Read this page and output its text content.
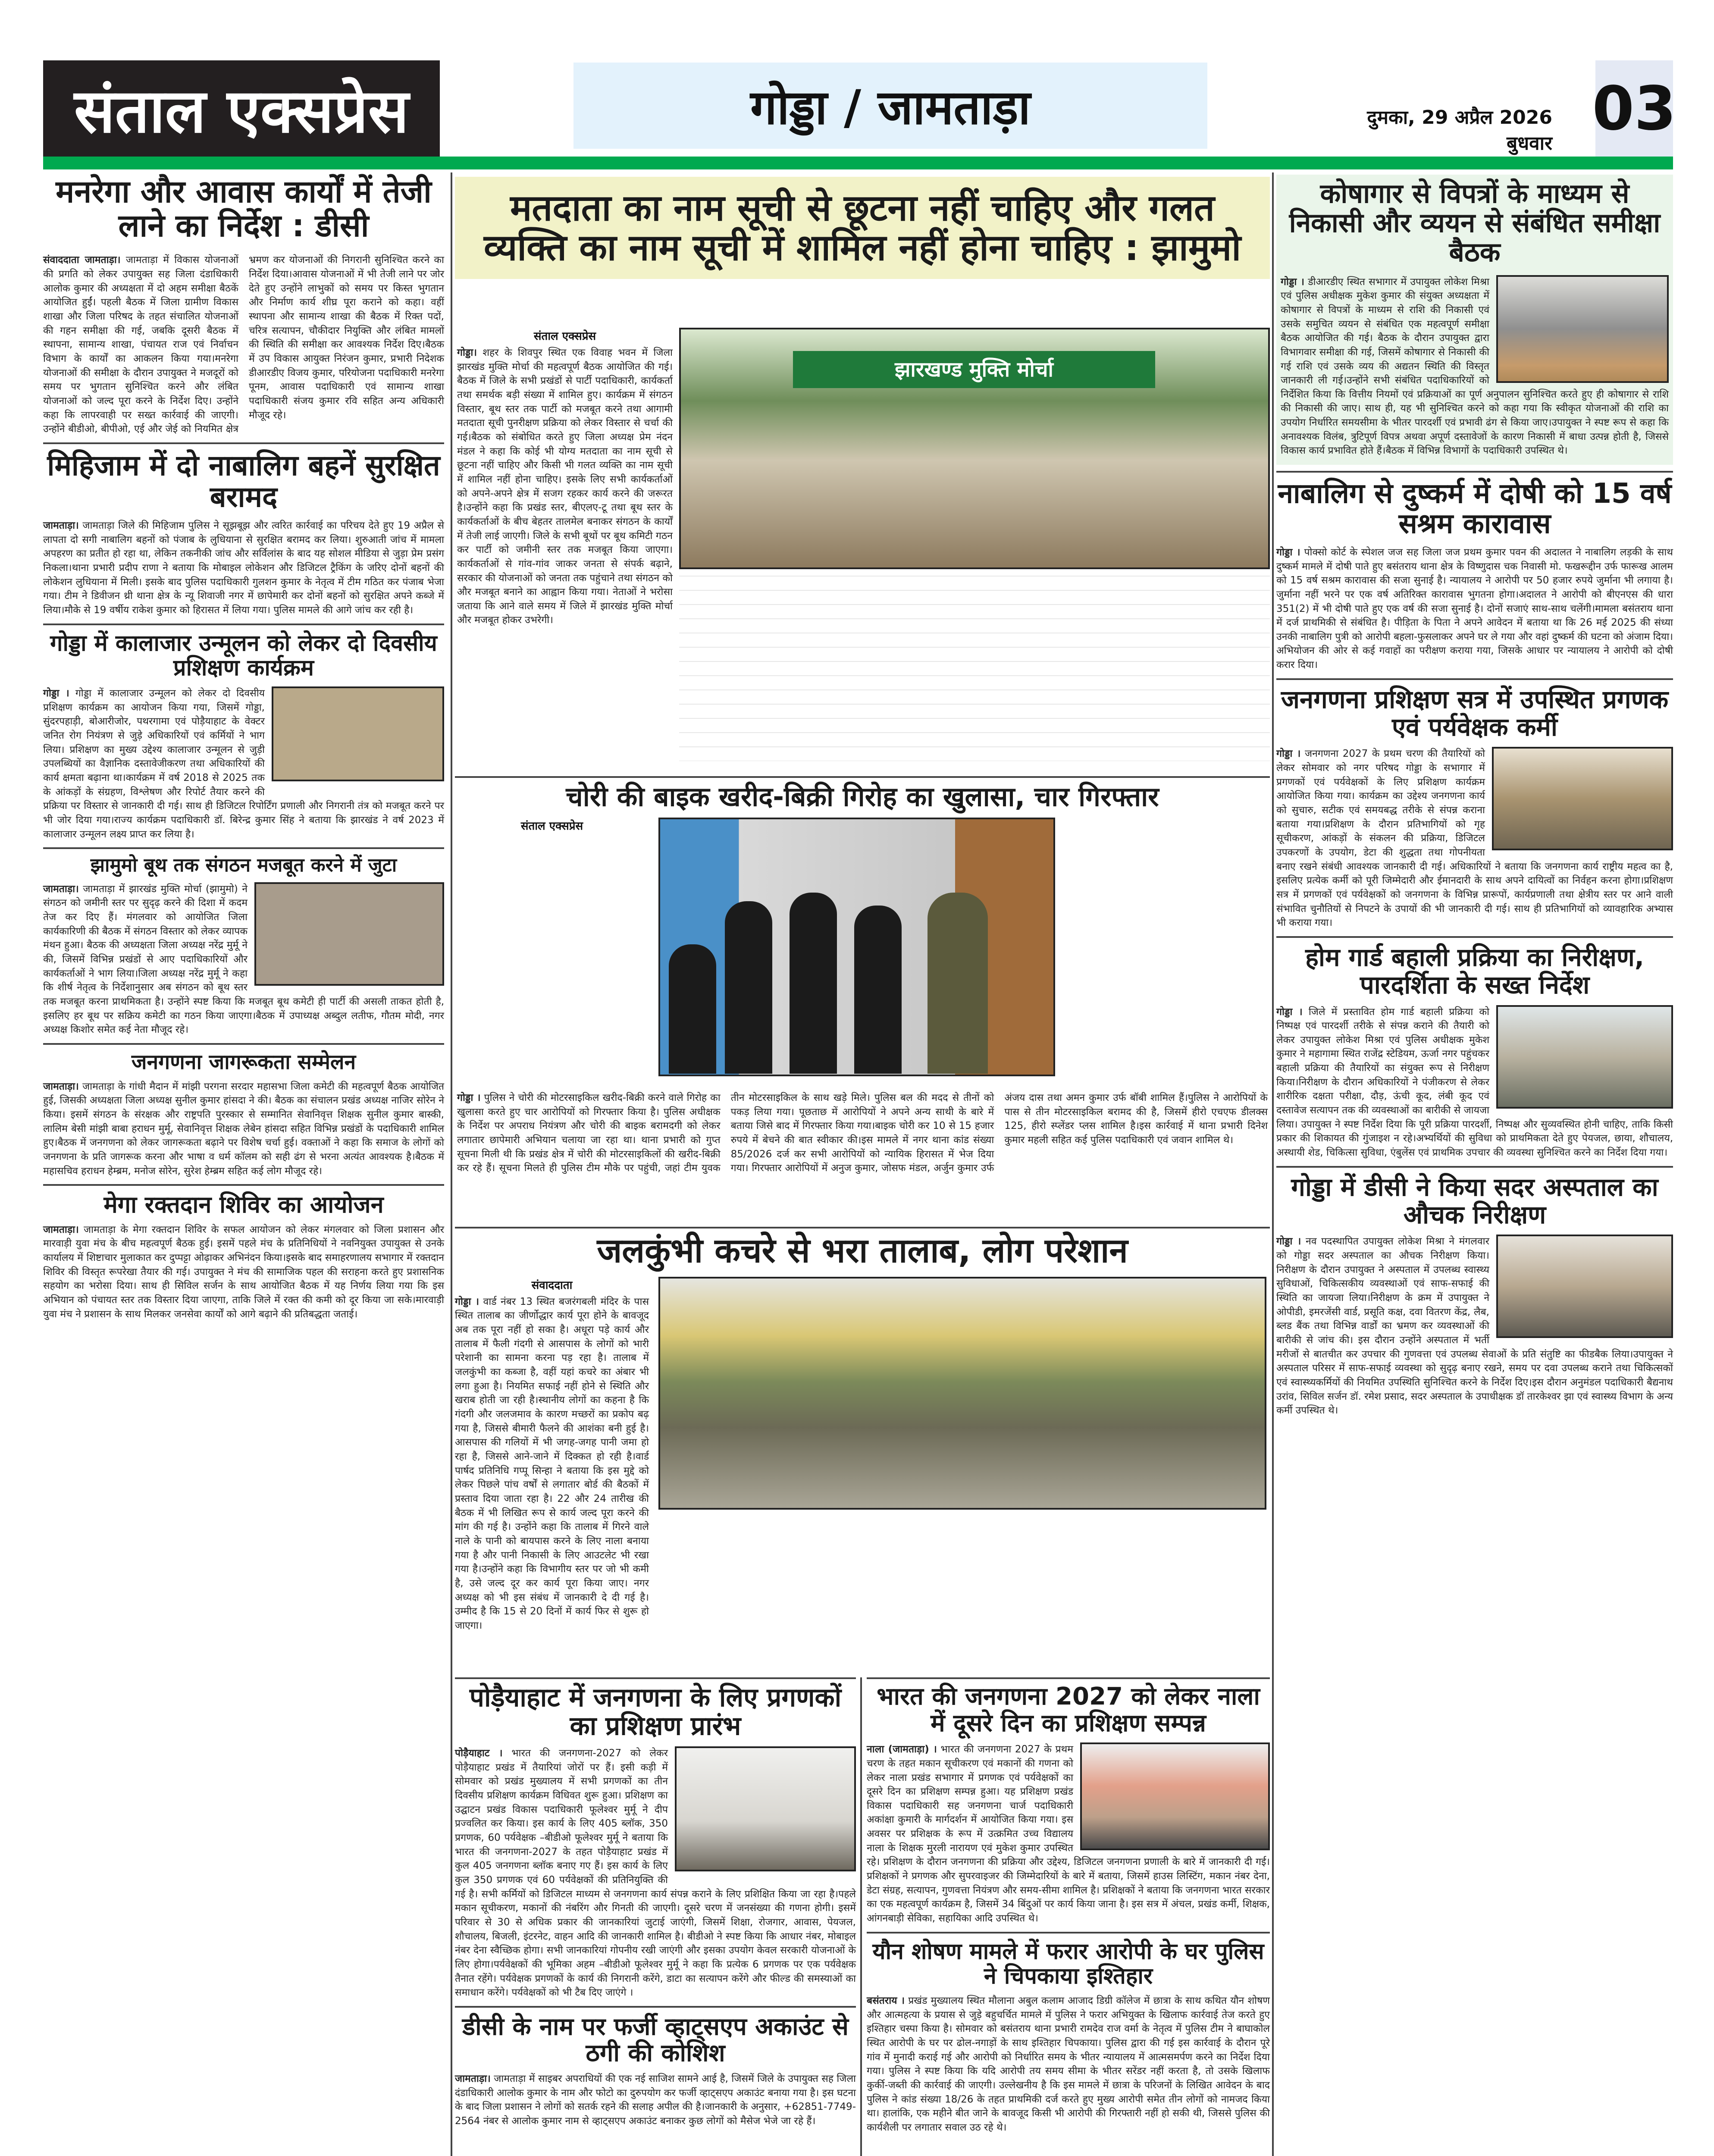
संताल एक्सप्रेस	गोड्डा / जामताड़ा	दुमका, 29 अप्रैल 2026 बुधवार 03
मनरेगा और आवास कार्यों में तेजी लाने का निर्देश : डीसी
संवाददाता जामताड़ा। जामताड़ा में विकास योजनाओं की प्रगति को लेकर उपायुक्त सह जिला दंडाधिकारी आलोक कुमार की अध्यक्षता में दो अहम समीक्षा बैठकें आयोजित हुईं। पहली बैठक में जिला ग्रामीण विकास शाखा और जिला परिषद के तहत संचालित योजनाओं की गहन समीक्षा की गई, जबकि दूसरी बैठक में स्थापना, सामान्य शाखा, पंचायत राज एवं निर्वाचन विभाग के कार्यों का आकलन किया गया।मनरेगा योजनाओं की समीक्षा के दौरान उपायुक्त ने मजदूरों को समय पर भुगतान सुनिश्चित करने और लंबित योजनाओं को जल्द पूरा करने के निर्देश दिए। उन्होंने कहा कि लापरवाही पर सख्त कार्रवाई की जाएगी। उन्होंने बीडीओ, बीपीओ, एई और जेई को नियमित क्षेत्र भ्रमण कर योजनाओं की निगरानी सुनिश्चित करने का निर्देश दिया।आवास योजनाओं में भी तेजी लाने पर जोर देते हुए उन्होंने लाभुकों को समय पर किस्त भुगतान और निर्माण कार्य शीघ्र पूरा कराने को कहा। वहीं स्थापना और सामान्य शाखा की बैठक में रिक्त पदों, चरित्र सत्यापन, चौकीदार नियुक्ति और लंबित मामलों की स्थिति की समीक्षा कर आवश्यक निर्देश दिए।बैठक में उप विकास आयुक्त निरंजन कुमार, प्रभारी निदेशक डीआरडीए विजय कुमार, परियोजना पदाधिकारी मनरेगा पूनम, आवास पदाधिकारी एवं सामान्य शाखा पदाधिकारी संजय कुमार रवि सहित अन्य अधिकारी मौजूद रहे।
मिहिजाम में दो नाबालिग बहनें सुरक्षित बरामद
जामताड़ा। जामताड़ा जिले की मिहिजाम पुलिस ने सूझबूझ और त्वरित कार्रवाई का परिचय देते हुए 19 अप्रैल से लापता दो सगी नाबालिग बहनों को पंजाब के लुधियाना से सुरक्षित बरामद कर लिया। शुरुआती जांच में मामला अपहरण का प्रतीत हो रहा था, लेकिन तकनीकी जांच और सर्विलांस के बाद यह सोशल मीडिया से जुड़ा प्रेम प्रसंग निकला।थाना प्रभारी प्रदीप राणा ने बताया कि मोबाइल लोकेशन और डिजिटल ट्रैकिंग के जरिए दोनों बहनों की लोकेशन लुधियाना में मिली। इसके बाद पुलिस पदाधिकारी गुलशन कुमार के नेतृत्व में टीम गठित कर पंजाब भेजा गया। टीम ने डिवीजन थ्री थाना क्षेत्र के न्यू शिवाजी नगर में छापेमारी कर दोनों बहनों को सुरक्षित अपने कब्जे में लिया।मौके से 19 वर्षीय राकेश कुमार को हिरासत में लिया गया। पुलिस मामले की आगे जांच कर रही है।
गोड्डा में कालाजार उन्मूलन को लेकर दो दिवसीय प्रशिक्षण कार्यक्रम
गोड्डा । गोड्डा में कालाजार उन्मूलन को लेकर दो दिवसीय प्रशिक्षण कार्यक्रम का आयोजन किया गया, जिसमें गोड्डा, सुंदरपहाड़ी, बोआरीजोर, पथरगामा एवं पोड़ैयाहाट के वेक्टर जनित रोग नियंत्रण से जुड़े अधिकारियों एवं कर्मियों ने भाग लिया। प्रशिक्षण का मुख्य उद्देश्य कालाजार उन्मूलन से जुड़ी उपलब्धियों का वैज्ञानिक दस्तावेजीकरण तथा अधिकारियों की कार्य क्षमता बढ़ाना था।कार्यक्रम में वर्ष 2018 से 2025 तक के आंकड़ों के संग्रहण, विश्लेषण और रिपोर्ट तैयार करने की प्रक्रिया पर विस्तार से जानकारी दी गई। साथ ही डिजिटल रिपोर्टिंग प्रणाली और निगरानी तंत्र को मजबूत करने पर भी जोर दिया गया।राज्य कार्यक्रम पदाधिकारी डॉ. बिरेन्द्र कुमार सिंह ने बताया कि झारखंड ने वर्ष 2023 में कालाजार उन्मूलन लक्ष्य प्राप्त कर लिया है।
झामुमो बूथ तक संगठन मजबूत करने में जुटा
जामताड़ा। जामताड़ा में झारखंड मुक्ति मोर्चा (झामुमो) ने संगठन को जमीनी स्तर पर सुदृढ़ करने की दिशा में कदम तेज कर दिए हैं। मंगलवार को आयोजित जिला कार्यकारिणी की बैठक में संगठन विस्तार को लेकर व्यापक मंथन हुआ। बैठक की अध्यक्षता जिला अध्यक्ष नरेंद्र मुर्मू ने की, जिसमें विभिन्न प्रखंडों से आए पदाधिकारियों और कार्यकर्ताओं ने भाग लिया।जिला अध्यक्ष नरेंद्र मुर्मू ने कहा कि शीर्ष नेतृत्व के निर्देशानुसार अब संगठन को बूथ स्तर तक मजबूत करना प्राथमिकता है। उन्होंने स्पष्ट किया कि मजबूत बूथ कमेटी ही पार्टी की असली ताकत होती है, इसलिए हर बूथ पर सक्रिय कमेटी का गठन किया जाएगा।बैठक में उपाध्यक्ष अब्दुल लतीफ, गौतम मोदी, नगर अध्यक्ष किशोर समेत कई नेता मौजूद रहे।
जनगणना जागरूकता सम्मेलन
जामताड़ा। जामताड़ा के गांधी मैदान में मांझी परगना सरदार महासभा जिला कमेटी की महत्वपूर्ण बैठक आयोजित हुई, जिसकी अध्यक्षता जिला अध्यक्ष सुनील कुमार हांसदा ने की। बैठक का संचालन प्रखंड अध्यक्ष नाजिर सोरेन ने किया। इसमें संगठन के संरक्षक और राष्ट्रपति पुरस्कार से सम्मानित सेवानिवृत्त शिक्षक सुनील कुमार बास्की, लालिम बेसी मांझी बाबा हराधन मुर्मू, सेवानिवृत्त शिक्षक लेबेन हांसदा सहित विभिन्न प्रखंडों के पदाधिकारी शामिल हुए।बैठक में जनगणना को लेकर जागरूकता बढ़ाने पर विशेष चर्चा हुई। वक्ताओं ने कहा कि समाज के लोगों को जनगणना के प्रति जागरूक करना और भाषा व धर्म कॉलम को सही ढंग से भरना अत्यंत आवश्यक है।बैठक में महासचिव हराधन हेम्ब्रम, मनोज सोरेन, सुरेश हेम्ब्रम सहित कई लोग मौजूद रहे।
मेगा रक्तदान शिविर का आयोजन
जामताड़ा। जामताड़ा के मेगा रक्तदान शिविर के सफल आयोजन को लेकर मंगलवार को जिला प्रशासन और मारवाड़ी युवा मंच के बीच महत्वपूर्ण बैठक हुई। इसमें पहले मंच के प्रतिनिधियों ने नवनियुक्त उपायुक्त से उनके कार्यालय में शिष्टाचार मुलाकात कर दुप्पट्टा ओढ़ाकर अभिनंदन किया।इसके बाद समाहरणालय सभागार में रक्तदान शिविर की विस्तृत रूपरेखा तैयार की गई। उपायुक्त ने मंच की सामाजिक पहल की सराहना करते हुए प्रशासनिक सहयोग का भरोसा दिया। साथ ही सिविल सर्जन के साथ आयोजित बैठक में यह निर्णय लिया गया कि इस अभियान को पंचायत स्तर तक विस्तार दिया जाएगा, ताकि जिले में रक्त की कमी को दूर किया जा सके।मारवाड़ी युवा मंच ने प्रशासन के साथ मिलकर जनसेवा कार्यों को आगे बढ़ाने की प्रतिबद्धता जताई।
मतदाता का नाम सूची से छूटना नहीं चाहिए और गलत व्यक्ति का नाम सूची में शामिल नहीं होना चाहिए : झामुमो
झारखण्ड मुक्ति मोर्चा
संताल एक्सप्रेस
गोड्डा। शहर के शिवपुर स्थित एक विवाह भवन में जिला झारखंड मुक्ति मोर्चा की महत्वपूर्ण बैठक आयोजित की गई। बैठक में जिले के सभी प्रखंडों से पार्टी पदाधिकारी, कार्यकर्ता तथा समर्थक बड़ी संख्या में शामिल हुए। कार्यक्रम में संगठन विस्तार, बूथ स्तर तक पार्टी को मजबूत करने तथा आगामी मतदाता सूची पुनरीक्षण प्रक्रिया को लेकर विस्तार से चर्चा की गई।बैठक को संबोधित करते हुए जिला अध्यक्ष प्रेम नंदन मंडल ने कहा कि कोई भी योग्य मतदाता का नाम सूची से छूटना नहीं चाहिए और किसी भी गलत व्यक्ति का नाम सूची में शामिल नहीं होना चाहिए। इसके लिए सभी कार्यकर्ताओं को अपने-अपने क्षेत्र में सजग रहकर कार्य करने की जरूरत है।उन्होंने कहा कि प्रखंड स्तर, बीएलए-टू तथा बूथ स्तर के कार्यकर्ताओं के बीच बेहतर तालमेल बनाकर संगठन के कार्यों में तेजी लाई जाएगी। जिले के सभी बूथों पर बूथ कमिटी गठन कर पार्टी को जमीनी स्तर तक मजबूत किया जाएगा।कार्यकर्ताओं से गांव-गांव जाकर जनता से संपर्क बढ़ाने, सरकार की योजनाओं को जनता तक पहुंचाने तथा संगठन को और मजबूत बनाने का आह्वान किया गया। नेताओं ने भरोसा जताया कि आने वाले समय में जिले में झारखंड मुक्ति मोर्चा और मजबूत होकर उभरेगी।
चोरी की बाइक खरीद-बिक्री गिरोह का खुलासा, चार गिरफ्तार
संताल एक्सप्रेस
गोड्डा । पुलिस ने चोरी की मोटरसाइकिल खरीद-बिक्री करने वाले गिरोह का खुलासा करते हुए चार आरोपियों को गिरफ्तार किया है। पुलिस अधीक्षक के निर्देश पर अपराध नियंत्रण और चोरी की बाइक बरामदगी को लेकर लगातार छापेमारी अभियान चलाया जा रहा था। थाना प्रभारी को गुप्त सूचना मिली थी कि प्रखंड क्षेत्र में चोरी की मोटरसाइकिलों की खरीद-बिक्री कर रहे हैं। सूचना मिलते ही पुलिस टीम मौके पर पहुंची, जहां टीम युवक तीन मोटरसाइकिल के साथ खड़े मिले। पुलिस बल की मदद से तीनों को पकड़ लिया गया। पूछताछ में आरोपियों ने अपने अन्य साथी के बारे में बताया जिसे बाद में गिरफ्तार किया गया।बाइक चोरी कर 10 से 15 हजार रुपये में बेचने की बात स्वीकार की।इस मामले में नगर थाना कांड संख्या 85/2026 दर्ज कर सभी आरोपियों को न्यायिक हिरासत में भेज दिया गया। गिरफ्तार आरोपियों में अनुज कुमार, जोसफ मंडल, अर्जुन कुमार उर्फ अंजय दास तथा अमन कुमार उर्फ बॉबी शामिल हैं।पुलिस ने आरोपियों के पास से तीन मोटरसाइकिल बरामद की है, जिसमें हीरो एचएफ डीलक्स 125, हीरो स्प्लेंडर प्लस शामिल है।इस कार्रवाई में थाना प्रभारी दिनेश कुमार महली सहित कई पुलिस पदाधिकारी एवं जवान शामिल थे।
जलकुंभी कचरे से भरा तालाब, लोग परेशान
संवाददाता
गोड्डा । वार्ड नंबर 13 स्थित बजरंगबली मंदिर के पास स्थित तालाब का जीर्णोद्धार कार्य पूरा होने के बावजूद अब तक पूरा नहीं हो सका है। अधूरा पड़े कार्य और तालाब में फैली गंदगी से आसपास के लोगों को भारी परेशानी का सामना करना पड़ रहा है। तालाब में जलकुंभी का कब्जा है, वहीं यहां कचरे का अंबार भी लगा हुआ है। नियमित सफाई नहीं होने से स्थिति और खराब होती जा रही है।स्थानीय लोगों का कहना है कि गंदगी और जलजमाव के कारण मच्छरों का प्रकोप बढ़ गया है, जिससे बीमारी फैलने की आशंका बनी हुई है। आसपास की गलियों में भी जगह-जगह पानी जमा हो रहा है, जिससे आने-जाने में दिक्कत हो रही है।वार्ड पार्षद प्रतिनिधि गप्पू सिन्हा ने बताया कि इस मुद्दे को लेकर पिछले पांच वर्षों से लगातार बोर्ड की बैठकों में प्रस्ताव दिया जाता रहा है। 22 और 24 तारीख की बैठक में भी लिखित रूप से कार्य जल्द पूरा करने की मांग की गई है। उन्होंने कहा कि तालाब में गिरने वाले नाले के पानी को बायपास करने के लिए नाला बनाया गया है और पानी निकासी के लिए आउटलेट भी रखा गया है।उन्होंने कहा कि विभागीय स्तर पर जो भी कमी है, उसे जल्द दूर कर कार्य पूरा किया जाए। नगर अध्यक्ष को भी इस संबंध में जानकारी दे दी गई है। उम्मीद है कि 15 से 20 दिनों में कार्य फिर से शुरू हो जाएगा।
पोड़ैयाहाट में जनगणना के लिए प्रगणकों का प्रशिक्षण प्रारंभ
पोड़ैयाहाट । भारत की जनगणना-2027 को लेकर पोड़ैयाहाट प्रखंड में तैयारियां जोरों पर हैं। इसी कड़ी में सोमवार को प्रखंड मुख्यालय में सभी प्रगणकों का तीन दिवसीय प्रशिक्षण कार्यक्रम विधिवत शुरू हुआ। प्रशिक्षण का उद्घाटन प्रखंड विकास पदाधिकारी फूलेश्वर मुर्मू ने दीप प्रज्वलित कर किया। इस कार्य के लिए 405 ब्लॉक, 350 प्रगणक, 60 पर्यवेक्षक –बीडीओ फूलेश्वर मुर्मू ने बताया कि भारत की जनगणना-2027 के तहत पोड़ैयाहाट प्रखंड में कुल 405 जनगणना ब्लॉक बनाए गए हैं। इस कार्य के लिए कुल 350 प्रगणक एवं 60 पर्यवेक्षकों की प्रतिनियुक्ति की गई है। सभी कर्मियों को डिजिटल माध्यम से जनगणना कार्य संपन्न कराने के लिए प्रशिक्षित किया जा रहा है।पहले मकान सूचीकरण, मकानों की नंबरिंग और गिनती की जाएगी। दूसरे चरण में जनसंख्या की गणना होगी। इसमें परिवार से 30 से अधिक प्रकार की जानकारियां जुटाई जाएंगी, जिसमें शिक्षा, रोजगार, आवास, पेयजल, शौचालय, बिजली, इंटरनेट, वाहन आदि की जानकारी शामिल है। बीडीओ ने स्पष्ट किया कि आधार नंबर, मोबाइल नंबर देना स्वैच्छिक होगा। सभी जानकारियां गोपनीय रखी जाएंगी और इसका उपयोग केवल सरकारी योजनाओं के लिए होगा।पर्यवेक्षकों की भूमिका अहम –बीडीओ फूलेश्वर मुर्मू ने कहा कि प्रत्येक 6 प्रगणक पर एक पर्यवेक्षक तैनात रहेंगे। पर्यवेक्षक प्रगणकों के कार्य की निगरानी करेंगे, डाटा का सत्यापन करेंगे और फील्ड की समस्याओं का समाधान करेंगे। पर्यवेक्षकों को भी टैब दिए जाएंगे ।
डीसी के नाम पर फर्जी व्हाट्सएप अकाउंट से ठगी की कोशिश
जामताड़ा। जामताड़ा में साइबर अपराधियों की एक नई साजिश सामने आई है, जिसमें जिले के उपायुक्त सह जिला दंडाधिकारी आलोक कुमार के नाम और फोटो का दुरुपयोग कर फर्जी व्हाट्सएप अकाउंट बनाया गया है। इस घटना के बाद जिला प्रशासन ने लोगों को सतर्क रहने की सलाह अपील की है।जानकारी के अनुसार, +62851-7749-2564 नंबर से आलोक कुमार नाम से व्हाट्सएप अकाउंट बनाकर कुछ लोगों को मैसेज भेजे जा रहे हैं।
भारत की जनगणना 2027 को लेकर नाला में दूसरे दिन का प्रशिक्षण सम्पन्न
नाला (जामताड़ा) । भारत की जनगणना 2027 के प्रथम चरण के तहत मकान सूचीकरण एवं मकानों की गणना को लेकर नाला प्रखंड सभागार में प्रगणक एवं पर्यवेक्षकों का दूसरे दिन का प्रशिक्षण सम्पन्न हुआ। यह प्रशिक्षण प्रखंड विकास पदाधिकारी सह जनगणना चार्ज पदाधिकारी अकांक्षा कुमारी के मार्गदर्शन में आयोजित किया गया। इस अवसर पर प्रशिक्षक के रूप में उत्क्रमित उच्च विद्यालय नाला के शिक्षक मुरली नारायण एवं मुकेश कुमार उपस्थित रहे। प्रशिक्षण के दौरान जनगणना की प्रक्रिया और उद्देश्य, डिजिटल जनगणना प्रणाली के बारे में जानकारी दी गई। प्रशिक्षकों ने प्रगणक और सुपरवाइजर की जिम्मेदारियों के बारे में बताया, जिसमें हाउस लिस्टिंग, मकान नंबर देना, डेटा संग्रह, सत्यापन, गुणवत्ता नियंत्रण और समय-सीमा शामिल है। प्रशिक्षकों ने बताया कि जनगणना भारत सरकार का एक महत्वपूर्ण कार्यक्रम है, जिसमें 34 बिंदुओं पर कार्य किया जाना है। इस सत्र में अंचल, प्रखंड कर्मी, शिक्षक, आंगनबाड़ी सेविका, सहायिका आदि उपस्थित थे।
यौन शोषण मामले में फरार आरोपी के घर पुलिस ने चिपकाया इश्तिहार
बसंतराय । प्रखंड मुख्यालय स्थित मौलाना अबुल कलाम आजाद डिग्री कॉलेज में छात्रा के साथ कथित यौन शोषण और आत्महत्या के प्रयास से जुड़े बहुचर्चित मामले में पुलिस ने फरार अभियुक्त के खिलाफ कार्रवाई तेज करते हुए इश्तिहार चस्पा किया है। सोमवार को बसंतराय थाना प्रभारी रामदेव राज वर्मा के नेतृत्व में पुलिस टीम ने बाघाकोल स्थित आरोपी के घर पर ढोल-नगाड़ों के साथ इश्तिहार चिपकाया। पुलिस द्वारा की गई इस कार्रवाई के दौरान पूरे गांव में मुनादी कराई गई और आरोपी को निर्धारित समय के भीतर न्यायालय में आत्मसमर्पण करने का निर्देश दिया गया। पुलिस ने स्पष्ट किया कि यदि आरोपी तय समय सीमा के भीतर सरेंडर नहीं करता है, तो उसके खिलाफ कुर्की-जब्ती की कार्रवाई की जाएगी। उल्लेखनीय है कि इस मामले में छात्रा के परिजनों के लिखित आवेदन के बाद पुलिस ने कांड संख्या 18/26 के तहत प्राथमिकी दर्ज करते हुए मुख्य आरोपी समेत तीन लोगों को नामजद किया था। हालांकि, एक महीने बीत जाने के बावजूद किसी भी आरोपी की गिरफ्तारी नहीं हो सकी थी, जिससे पुलिस की कार्यशैली पर लगातार सवाल उठ रहे थे।
कोषागार से विपत्रों के माध्यम से निकासी और व्ययन से संबंधित समीक्षा बैठक
गोड्डा । डीआरडीए स्थित सभागार में उपायुक्त लोकेश मिश्रा एवं पुलिस अधीक्षक मुकेश कुमार की संयुक्त अध्यक्षता में कोषागार से विपत्रों के माध्यम से राशि की निकासी एवं उसके समुचित व्ययन से संबंधित एक महत्वपूर्ण समीक्षा बैठक आयोजित की गई। बैठक के दौरान उपायुक्त द्वारा विभागवार समीक्षा की गई, जिसमें कोषागार से निकासी की गई राशि एवं उसके व्यय की अद्यतन स्थिति की विस्तृत जानकारी ली गई।उन्होंने सभी संबंधित पदाधिकारियों को निर्देशित किया कि वित्तीय नियमों एवं प्रक्रियाओं का पूर्ण अनुपालन सुनिश्चित करते हुए ही कोषागार से राशि की निकासी की जाए। साथ ही, यह भी सुनिश्चित करने को कहा गया कि स्वीकृत योजनाओं की राशि का उपयोग निर्धारित समयसीमा के भीतर पारदर्शी एवं प्रभावी ढंग से किया जाए।उपायुक्त ने स्पष्ट रूप से कहा कि अनावश्यक विलंब, त्रुटिपूर्ण विपत्र अथवा अपूर्ण दस्तावेजों के कारण निकासी में बाधा उत्पन्न होती है, जिससे विकास कार्य प्रभावित होते हैं।बैठक में विभिन्न विभागों के पदाधिकारी उपस्थित थे।
नाबालिग से दुष्कर्म में दोषी को 15 वर्ष सश्रम कारावास
गोड्डा । पोक्सो कोर्ट के स्पेशल जज सह जिला जज प्रथम कुमार पवन की अदालत ने नाबालिग लड़की के साथ दुष्कर्म मामले में दोषी पाते हुए बसंतराय थाना क्षेत्र के विष्णुदास चक निवासी मो. फखरूद्दीन उर्फ फारूख आलम को 15 वर्ष सश्रम कारावास की सजा सुनाई है। न्यायालय ने आरोपी पर 50 हजार रुपये जुर्माना भी लगाया है। जुर्माना नहीं भरने पर एक वर्ष अतिरिक्त कारावास भुगतना होगा।अदालत ने आरोपी को बीएनएस की धारा 351(2) में भी दोषी पाते हुए एक वर्ष की सजा सुनाई है। दोनों सजाएं साथ-साथ चलेंगी।मामला बसंतराय थाना में दर्ज प्राथमिकी से संबंधित है। पीड़िता के पिता ने अपने आवेदन में बताया था कि 26 मई 2025 की संध्या उनकी नाबालिग पुत्री को आरोपी बहला-फुसलाकर अपने घर ले गया और वहां दुष्कर्म की घटना को अंजाम दिया।अभियोजन की ओर से कई गवाहों का परीक्षण कराया गया, जिसके आधार पर न्यायालय ने आरोपी को दोषी करार दिया।
जनगणना प्रशिक्षण सत्र में उपस्थित प्रगणक एवं पर्यवेक्षक कर्मी
गोड्डा । जनगणना 2027 के प्रथम चरण की तैयारियों को लेकर सोमवार को नगर परिषद गोड्डा के सभागार में प्रगणकों एवं पर्यवेक्षकों के लिए प्रशिक्षण कार्यक्रम आयोजित किया गया। कार्यक्रम का उद्देश्य जनगणना कार्य को सुचारु, सटीक एवं समयबद्ध तरीके से संपन्न कराना बताया गया।प्रशिक्षण के दौरान प्रतिभागियों को गृह सूचीकरण, आंकड़ों के संकलन की प्रक्रिया, डिजिटल उपकरणों के उपयोग, डेटा की शुद्धता तथा गोपनीयता बनाए रखने संबंधी आवश्यक जानकारी दी गई। अधिकारियों ने बताया कि जनगणना कार्य राष्ट्रीय महत्व का है, इसलिए प्रत्येक कर्मी को पूरी जिम्मेदारी और ईमानदारी के साथ अपने दायित्वों का निर्वहन करना होगा।प्रशिक्षण सत्र में प्रगणकों एवं पर्यवेक्षकों को जनगणना के विभिन्न प्रारूपों, कार्यप्रणाली तथा क्षेत्रीय स्तर पर आने वाली संभावित चुनौतियों से निपटने के उपायों की भी जानकारी दी गई। साथ ही प्रतिभागियों को व्यावहारिक अभ्यास भी कराया गया।
होम गार्ड बहाली प्रक्रिया का निरीक्षण, पारदर्शिता के सख्त निर्देश
गोड्डा । जिले में प्रस्तावित होम गार्ड बहाली प्रक्रिया को निष्पक्ष एवं पारदर्शी तरीके से संपन्न कराने की तैयारी को लेकर उपायुक्त लोकेश मिश्रा एवं पुलिस अधीक्षक मुकेश कुमार ने महागामा स्थित राजेंद्र स्टेडियम, ऊर्जा नगर पहुंचकर बहाली प्रक्रिया की तैयारियों का संयुक्त रूप से निरीक्षण किया।निरीक्षण के दौरान अधिकारियों ने पंजीकरण से लेकर शारीरिक दक्षता परीक्षा, दौड़, ऊंची कूद, लंबी कूद एवं दस्तावेज सत्यापन तक की व्यवस्थाओं का बारीकी से जायजा लिया। उपायुक्त ने स्पष्ट निर्देश दिया कि पूरी प्रक्रिया पारदर्शी, निष्पक्ष और सुव्यवस्थित होनी चाहिए, ताकि किसी प्रकार की शिकायत की गुंजाइश न रहे।अभ्यर्थियों की सुविधा को प्राथमिकता देते हुए पेयजल, छाया, शौचालय, अस्थायी शेड, चिकित्सा सुविधा, एंबुलेंस एवं प्राथमिक उपचार की व्यवस्था सुनिश्चित करने का निर्देश दिया गया।
गोड्डा में डीसी ने किया सदर अस्पताल का औचक निरीक्षण
गोड्डा । नव पदस्थापित उपायुक्त लोकेश मिश्रा ने मंगलवार को गोड्डा सदर अस्पताल का औचक निरीक्षण किया। निरीक्षण के दौरान उपायुक्त ने अस्पताल में उपलब्ध स्वास्थ्य सुविधाओं, चिकित्सकीय व्यवस्थाओं एवं साफ-सफाई की स्थिति का जायजा लिया।निरीक्षण के क्रम में उपायुक्त ने ओपीडी, इमरजेंसी वार्ड, प्रसूति कक्ष, दवा वितरण केंद्र, लैब, ब्लड बैंक तथा विभिन्न वार्डों का भ्रमण कर व्यवस्थाओं की बारीकी से जांच की। इस दौरान उन्होंने अस्पताल में भर्ती मरीजों से बातचीत कर उपचार की गुणवत्ता एवं उपलब्ध सेवाओं के प्रति संतुष्टि का फीडबैक लिया।उपायुक्त ने अस्पताल परिसर में साफ-सफाई व्यवस्था को सुदृढ़ बनाए रखने, समय पर दवा उपलब्ध कराने तथा चिकित्सकों एवं स्वास्थ्यकर्मियों की नियमित उपस्थिति सुनिश्चित करने के निर्देश दिए।इस दौरान अनुमंडल पदाधिकारी बैद्यनाथ उरांव, सिविल सर्जन डॉ. रमेश प्रसाद, सदर अस्पताल के उपाधीक्षक डॉ तारकेश्वर झा एवं स्वास्थ्य विभाग के अन्य कर्मी उपस्थित थे।
